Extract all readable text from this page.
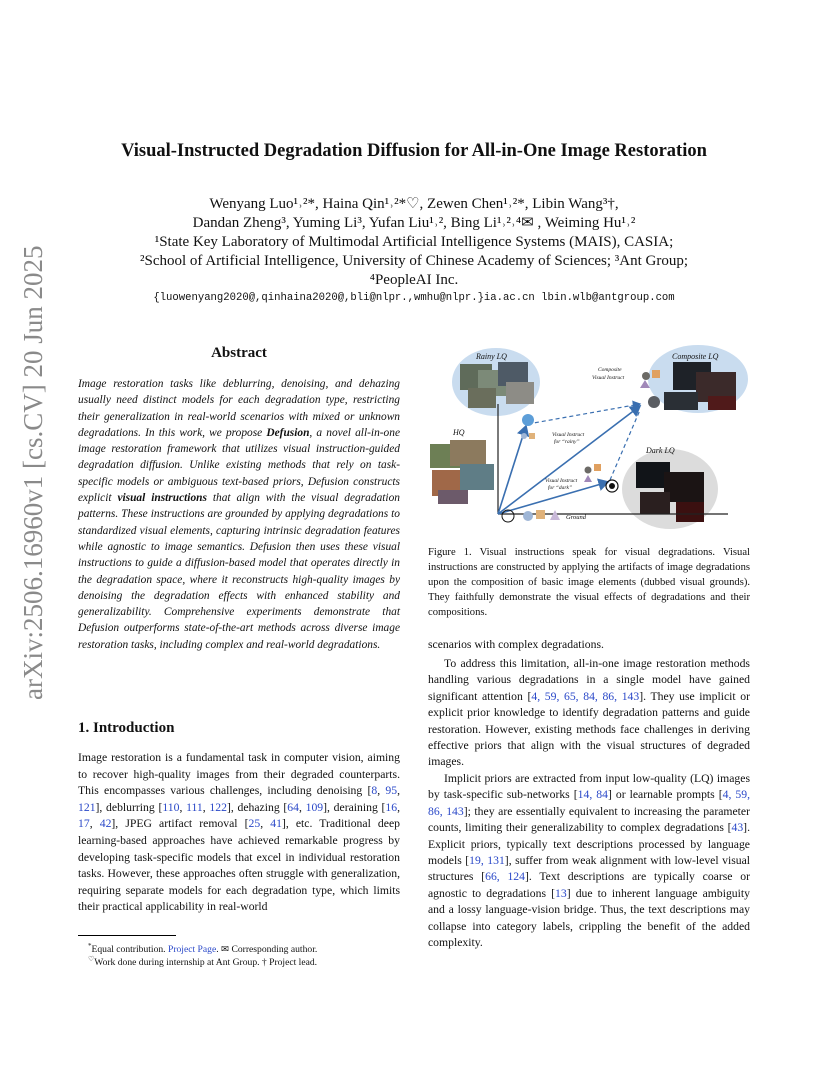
arXiv:2506.16960v1 [cs.CV] 20 Jun 2025
Visual-Instructed Degradation Diffusion for All-in-One Image Restoration
Wenyang Luo¹˒²*, Haina Qin¹˒²*♡, Zewen Chen¹˒²*, Libin Wang³†,
Dandan Zheng³, Yuming Li³, Yufan Liu¹˒², Bing Li¹˒²˒⁴✉ , Weiming Hu¹˒²
¹State Key Laboratory of Multimodal Artificial Intelligence Systems (MAIS), CASIA;
²School of Artificial Intelligence, University of Chinese Academy of Sciences; ³Ant Group;
⁴PeopleAI Inc.
{luowenyang2020@,qinhaina2020@,bli@nlpr.,wmhu@nlpr.}ia.ac.cn lbin.wlb@antgroup.com
Abstract
Image restoration tasks like deblurring, denoising, and dehazing usually need distinct models for each degradation type, restricting their generalization in real-world scenarios with mixed or unknown degradations. In this work, we propose Defusion, a novel all-in-one image restoration framework that utilizes visual instruction-guided degradation diffusion. Unlike existing methods that rely on task-specific models or ambiguous text-based priors, Defusion constructs explicit visual instructions that align with the visual degradation patterns. These instructions are grounded by applying degradations to standardized visual elements, capturing intrinsic degradation features while agnostic to image semantics. Defusion then uses these visual instructions to guide a diffusion-based model that operates directly in the degradation space, where it reconstructs high-quality images by denoising the degradation effects with enhanced stability and generalizability. Comprehensive experiments demonstrate that Defusion outperforms state-of-the-art methods across diverse image restoration tasks, including complex and real-world degradations.
1. Introduction
Image restoration is a fundamental task in computer vision, aiming to recover high-quality images from their degraded counterparts. This encompasses various challenges, including denoising [8, 95, 121], deblurring [110, 111, 122], dehazing [64, 109], deraining [16, 17, 42], JPEG artifact removal [25, 41], etc. Traditional deep learning-based approaches have achieved remarkable progress by developing task-specific models that excel in individual restoration tasks. However, these approaches often struggle with generalization, requiring separate models for each degradation type, which limits their practical applicability in real-world
*Equal contribution. Project Page. ✉ Corresponding author.
♡Work done during internship at Ant Group. † Project lead.
Rainy LQ	Composite LQ
HQ
Dark LQ
Composite
Visual Instruct
Visual Instruct
for “rainy”
Visual Instruct
for “dark”
Ground
Figure 1. Visual instructions speak for visual degradations. Visual instructions are constructed by applying the artifacts of image degradations upon the composition of basic image elements (dubbed visual grounds). They faithfully demonstrate the visual effects of degradations and their compositions.
scenarios with complex degradations.
To address this limitation, all-in-one image restoration methods handling various degradations in a single model have gained significant attention [4, 59, 65, 84, 86, 143]. They use implicit or explicit prior knowledge to identify degradation patterns and guide restoration. However, existing methods face challenges in deriving effective priors that align with the visual structures of degraded images.
Implicit priors are extracted from input low-quality (LQ) images by task-specific sub-networks [14, 84] or learnable prompts [4, 59, 86, 143]; they are essentially equivalent to increasing the parameter counts, limiting their generalizability to complex degradations [43]. Explicit priors, typically text descriptions processed by language models [19, 131], suffer from weak alignment with low-level visual structures [66, 124]. Text descriptions are typically coarse or agnostic to degradations [13] due to inherent language ambiguity and a lossy language-vision bridge. Thus, the text descriptions may collapse into category labels, crippling the benefit of the added complexity.
